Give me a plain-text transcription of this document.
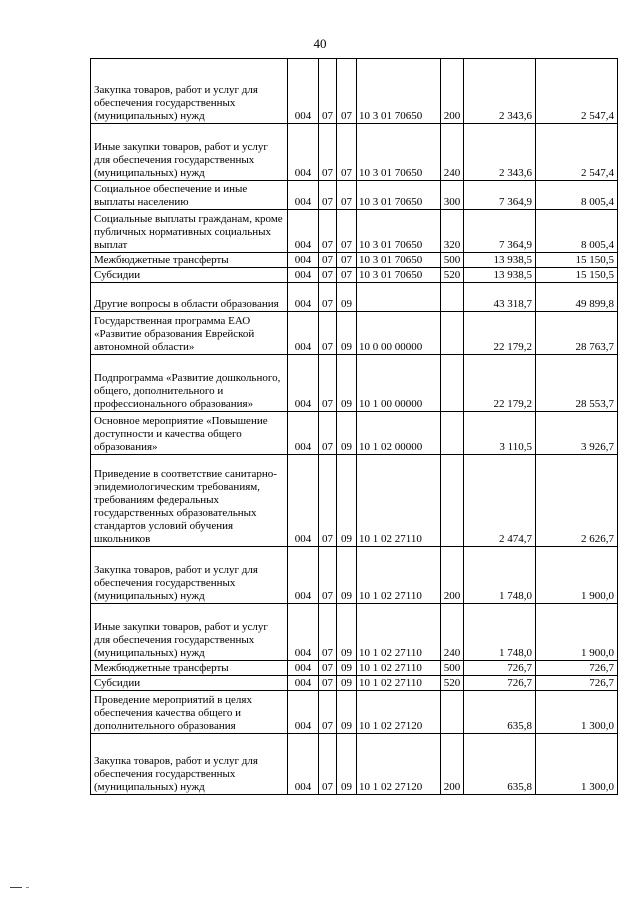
40
Закупка товаров, работ и услуг для обеспечения государственных (муниципальных) нужд	004	07	07	10 3 01 70650	200	2 343,6	2 547,4
Иные закупки товаров, работ и услуг для обеспечения государственных (муниципальных) нужд	004	07	07	10 3 01 70650	240	2 343,6	2 547,4
Социальное обеспечение и иные выплаты населению	004	07	07	10 3 01 70650	300	7 364,9	8 005,4
Социальные выплаты гражданам, кроме публичных нормативных социальных выплат	004	07	07	10 3 01 70650	320	7 364,9	8 005,4
Межбюджетные трансферты	004	07	07	10 3 01 70650	500	13 938,5	15 150,5
Субсидии	004	07	07	10 3 01 70650	520	13 938,5	15 150,5
Другие вопросы в области образования	004	07	09			43 318,7	49 899,8
Государственная программа ЕАО «Развитие образования Еврейской автономной области»	004	07	09	10 0 00 00000		22 179,2	28 763,7
Подпрограмма «Развитие дошкольного, общего, дополнительного и профессионального образования»	004	07	09	10 1 00 00000		22 179,2	28 553,7
Основное мероприятие «Повышение доступности и качества общего образования»	004	07	09	10 1 02 00000		3 110,5	3 926,7
Приведение в соответствие санитарно-эпидемиологическим требованиям, требованиям федеральных государственных образовательных стандартов условий обучения школьников	004	07	09	10 1 02 27110		2 474,7	2 626,7
Закупка товаров, работ и услуг для обеспечения государственных (муниципальных) нужд	004	07	09	10 1 02 27110	200	1 748,0	1 900,0
Иные закупки товаров, работ и услуг для обеспечения государственных (муниципальных) нужд	004	07	09	10 1 02 27110	240	1 748,0	1 900,0
Межбюджетные трансферты	004	07	09	10 1 02 27110	500	726,7	726,7
Субсидии	004	07	09	10 1 02 27110	520	726,7	726,7
Проведение мероприятий в целях обеспечения качества общего и дополнительного образования	004	07	09	10 1 02 27120		635,8	1 300,0
Закупка товаров, работ и услуг для обеспечения государственных (муниципальных) нужд	004	07	09	10 1 02 27120	200	635,8	1 300,0
